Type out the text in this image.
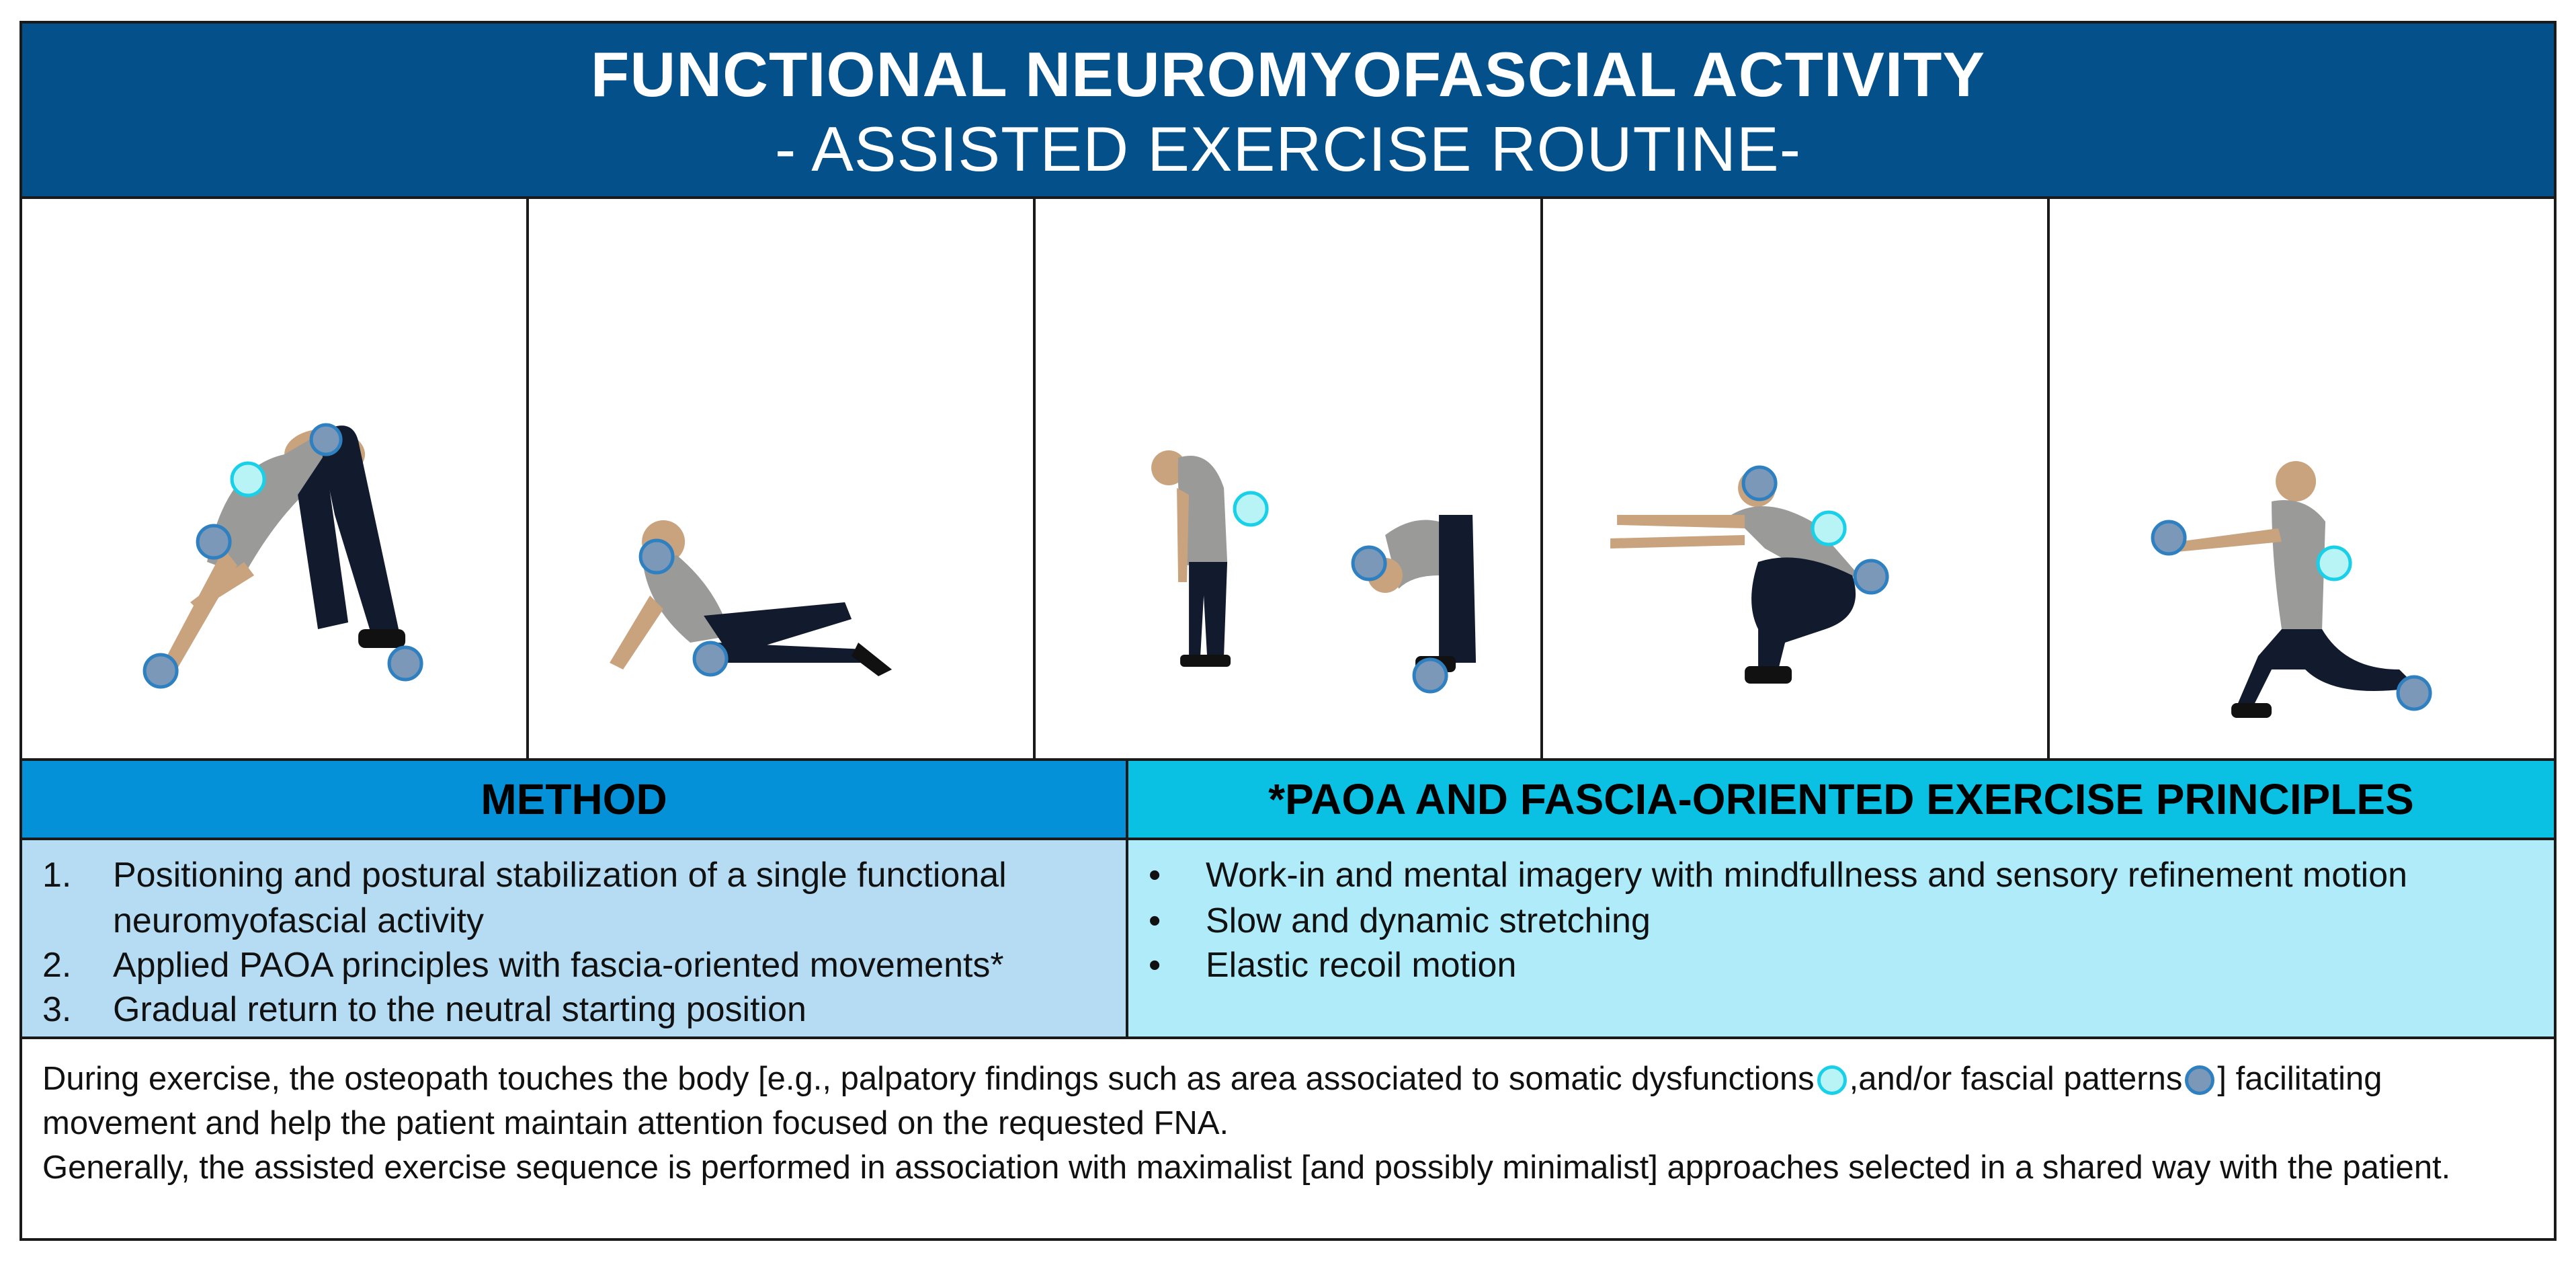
FUNCTIONAL NEUROMYOFASCIAL ACTIVITY
- ASSISTED EXERCISE ROUTINE-
METHOD	*PAOA AND FASCIA-ORIENTED EXERCISE PRINCIPLES
1. Positioning and postural stabilization of a single functional
neuromyofascial activity
2. Applied PAOA principles with fascia-oriented movements*
3. Gradual return to the neutral starting position
• Work-in and mental imagery with mindfullness and sensory refinement motion
• Slow and dynamic stretching
• Elastic recoil motion

During exercise, the osteopath touches the body [e.g., palpatory findings such as area associated to somatic dysfunctions ,and/or fascial patterns ] facilitating movement and help the patient maintain attention focused on the requested FNA.

Generally, the assisted exercise sequence is performed in association with maximalist [and possibly minimalist] approaches selected in a shared way with the patient.
